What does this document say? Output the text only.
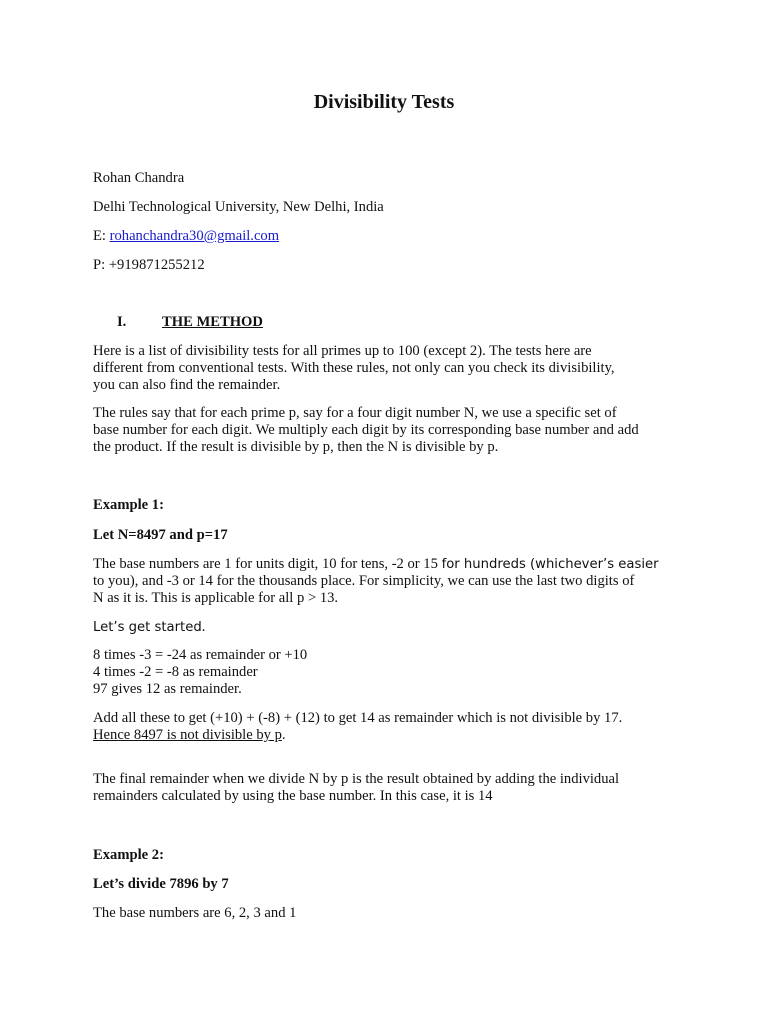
Divisibility Tests

Rohan Chandra

Delhi Technological University, New Delhi, India

E: rohanchandra30@gmail.com

P: +919871255212

I. THE METHOD

Here is a list of divisibility tests for all primes up to 100 (except 2). The tests here are
different from conventional tests. With these rules, not only can you check its divisibility,
you can also find the remainder.

The rules say that for each prime p, say for a four digit number N, we use a specific set of
base number for each digit. We multiply each digit by its corresponding base number and add
the product. If the result is divisible by p, then the N is divisible by p.

Example 1:

Let N=8497 and p=17

The base numbers are 1 for units digit, 10 for tens, -2 or 15 for hundreds (whichever’s easier
to you), and -3 or 14 for the thousands place. For simplicity, we can use the last two digits of
N as it is. This is applicable for all p > 13.

Let’s get started.

8 times -3 = -24 as remainder or +10
4 times -2 = -8 as remainder
97 gives 12 as remainder.

Add all these to get (+10) + (-8) + (12) to get 14 as remainder which is not divisible by 17.
Hence 8497 is not divisible by p.

The final remainder when we divide N by p is the result obtained by adding the individual
remainders calculated by using the base number. In this case, it is 14

Example 2:

Let’s divide 7896 by 7

The base numbers are 6, 2, 3 and 1
